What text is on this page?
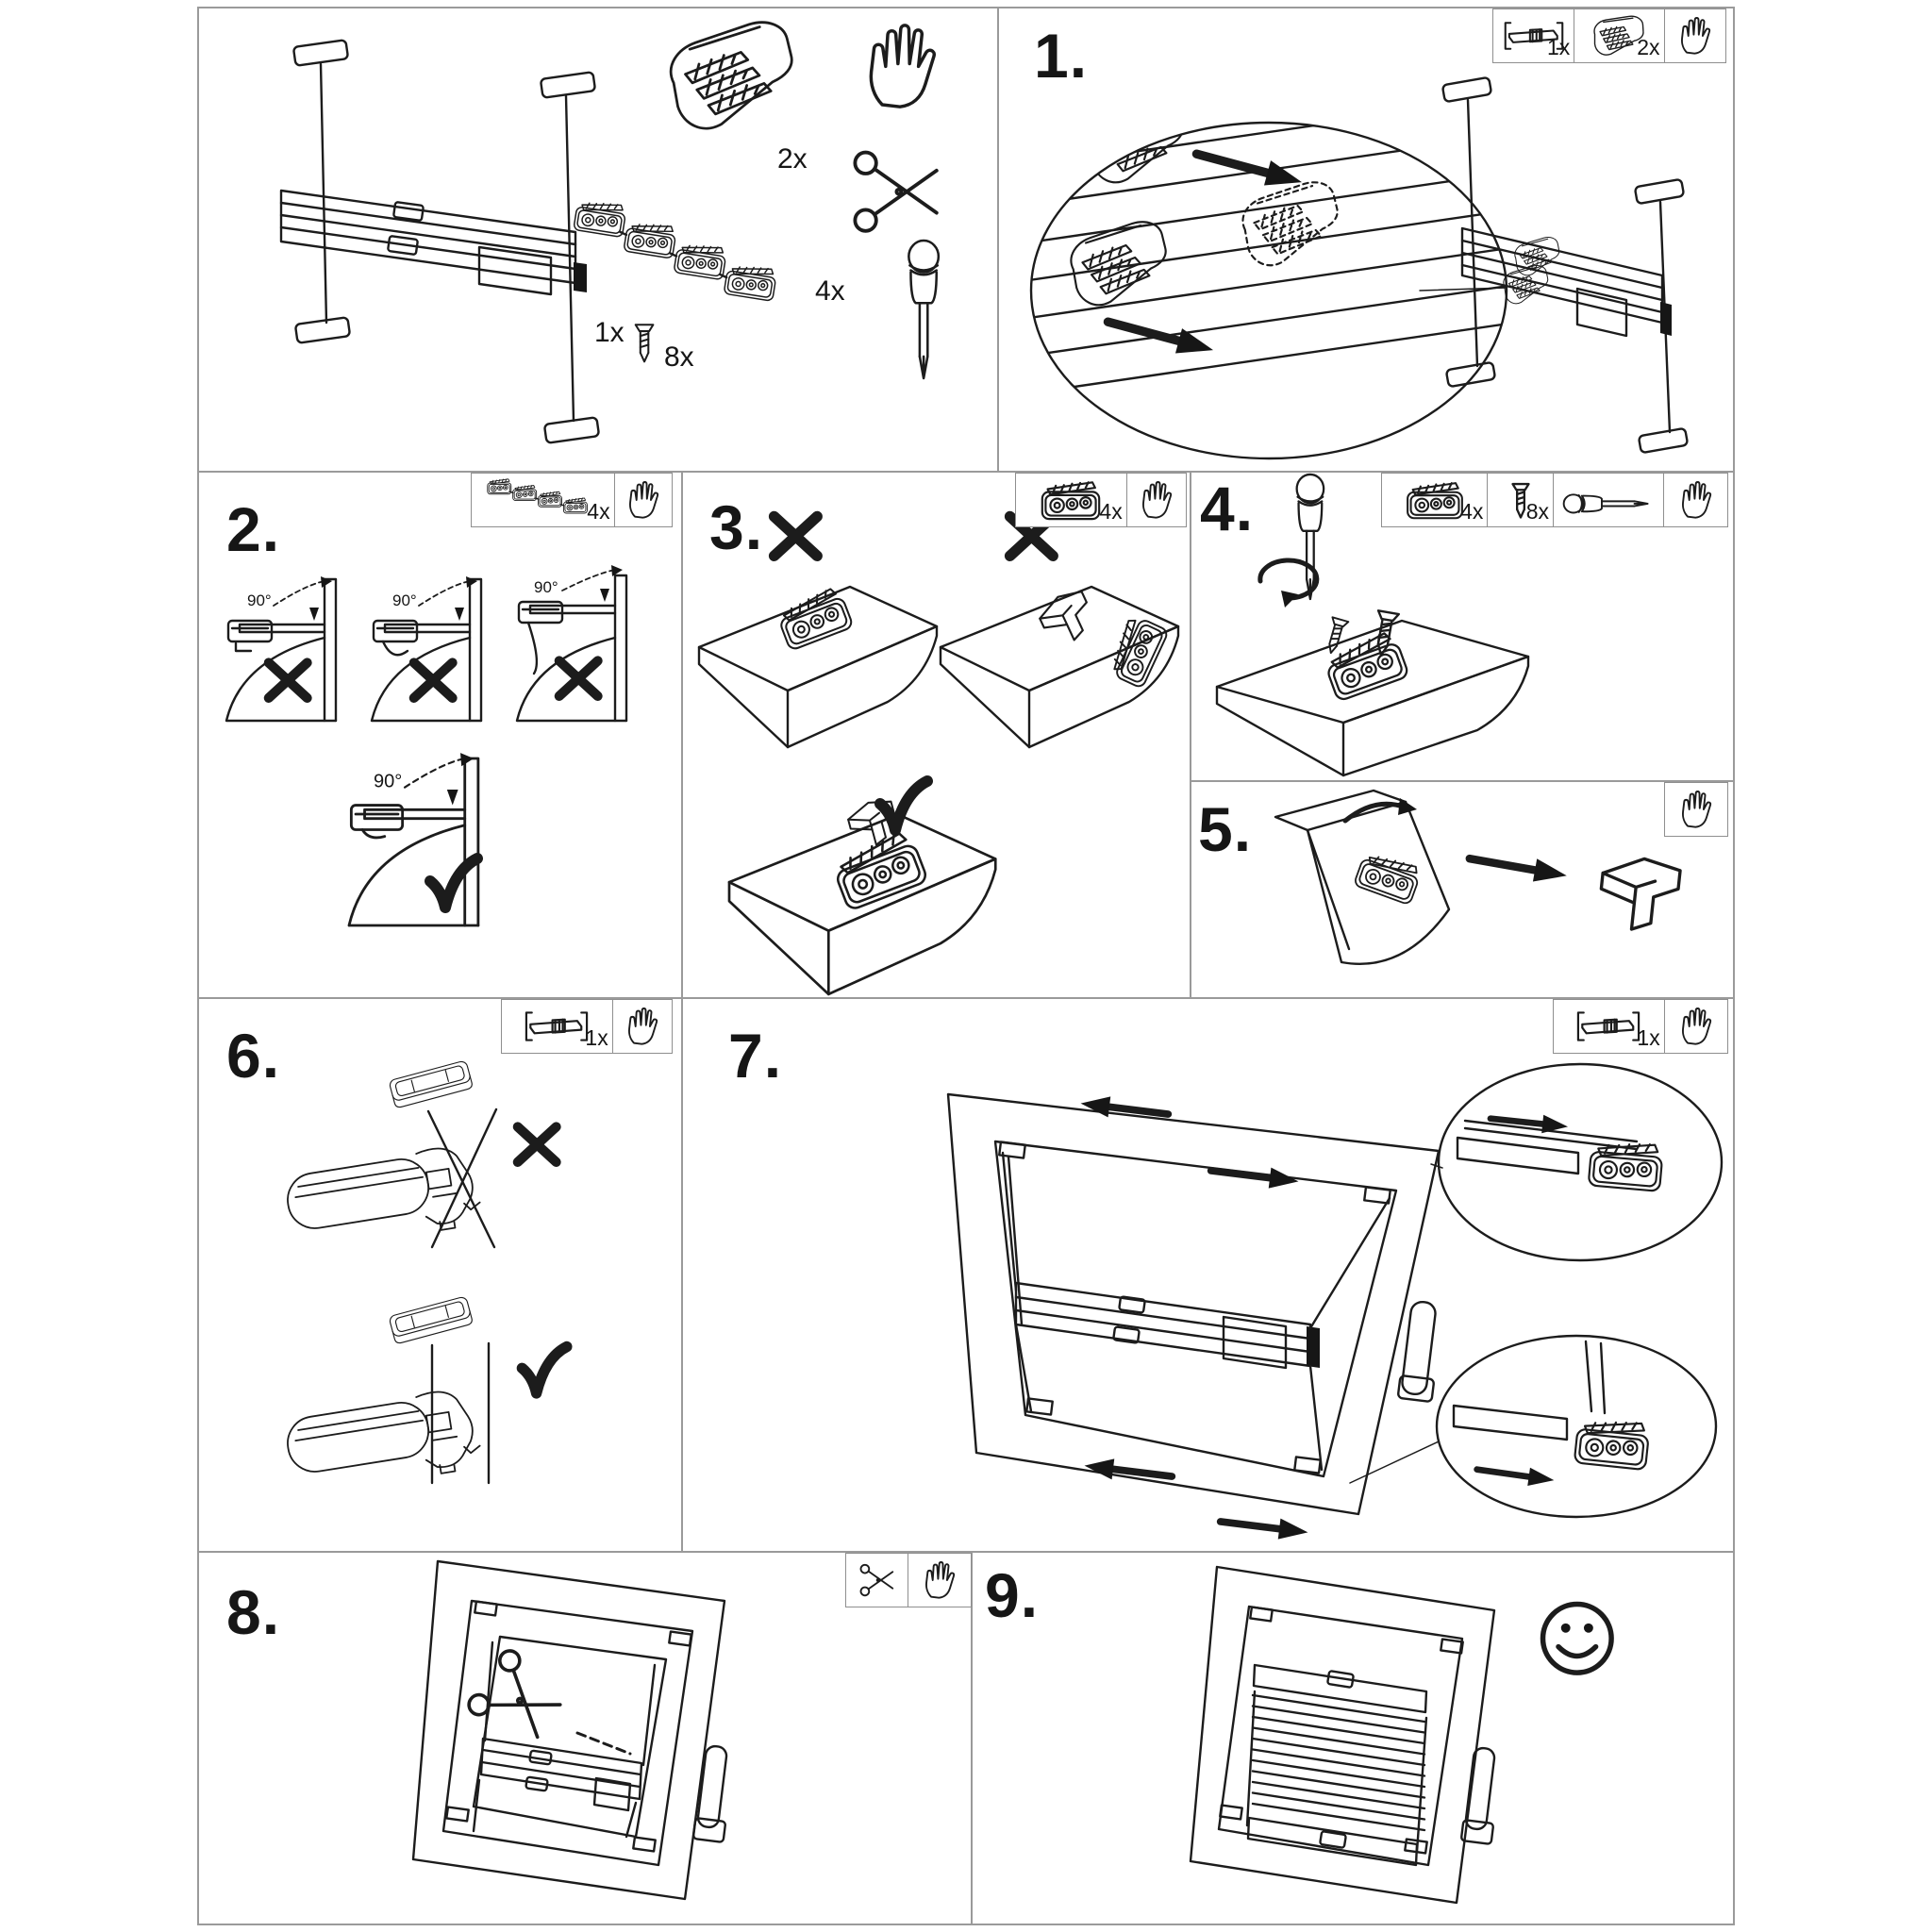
1x
2x
4x
8x
90°	90°
90°
90°
1x	2x
4x	4x	4x 8x
1x	1x
1.
2.	3.	4.
5.
6.	7.
8.	9.
